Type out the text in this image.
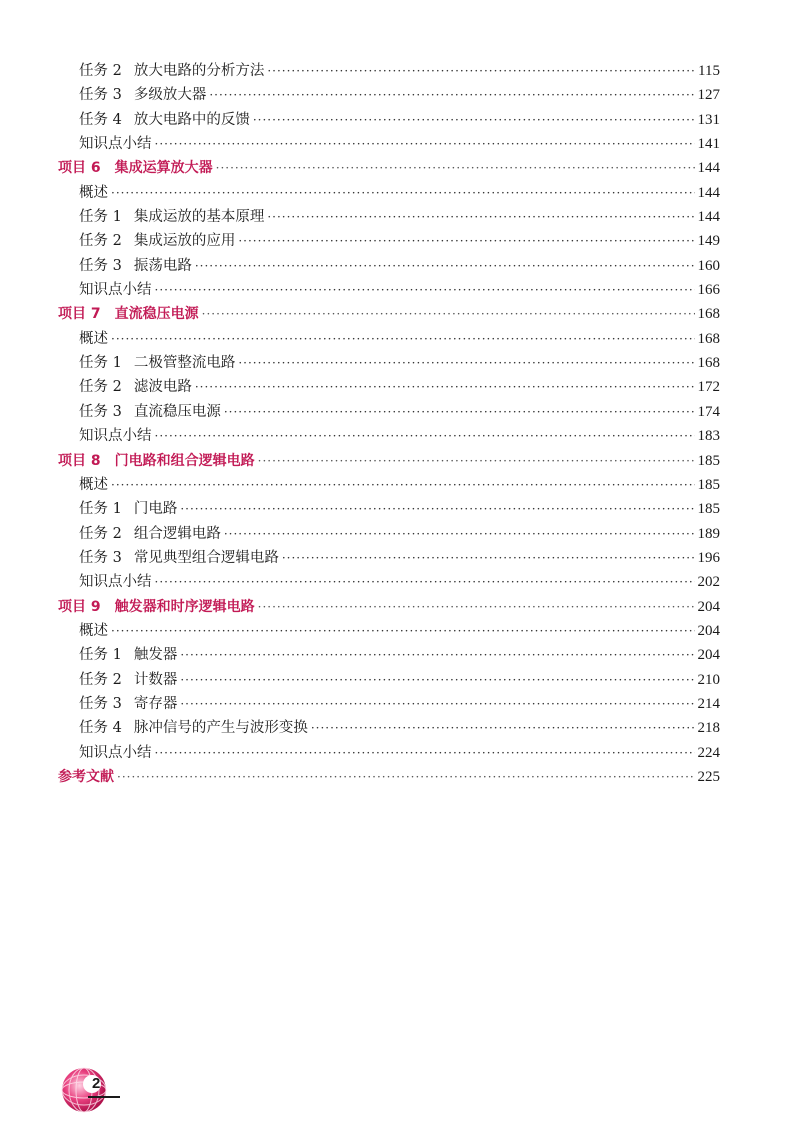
任务 2 放大电路的分析方法 ·····	115
任务 3 多级放大器 ·····	127
任务 4 放大电路中的反馈 ·····	131
知识点小结 ·····	141
项目 6 集成运算放大器 ·····	144
概述 ·····	144
任务 1 集成运放的基本原理 ·····	144
任务 2 集成运放的应用 ·····	149
任务 3 振荡电路 ·····	160
知识点小结 ·····	166
项目 7 直流稳压电源 ·····	168
概述 ·····	168
任务 1 二极管整流电路 ·····	168
任务 2 滤波电路 ·····	172
任务 3 直流稳压电源 ·····	174
知识点小结 ·····	183
项目 8 门电路和组合逻辑电路 ·····	185
概述 ·····	185
任务 1 门电路 ·····	185
任务 2 组合逻辑电路 ·····	189
任务 3 常见典型组合逻辑电路 ·····	196
知识点小结 ·····	202
项目 9 触发器和时序逻辑电路 ·····	204
概述 ·····	204
任务 1 触发器 ·····	204
任务 2 计数器 ·····	210
任务 3 寄存器 ·····	214
任务 4 脉冲信号的产生与波形变换 ·····	218
知识点小结 ·····	224
参考文献 ·····	225
2
